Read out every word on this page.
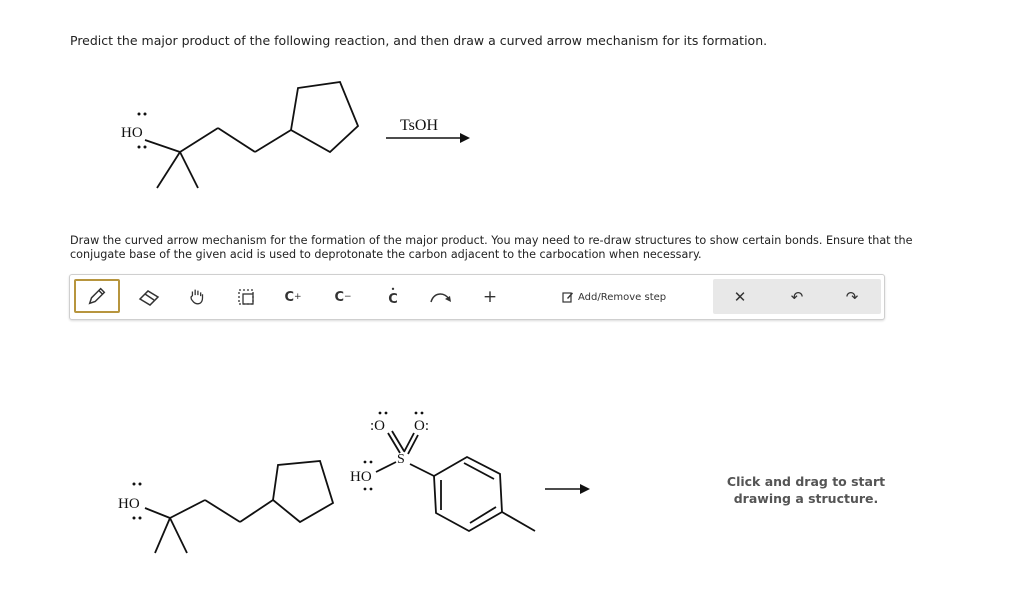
Predict the major product of the following reaction, and then draw a curved arrow mechanism for its formation.
HO	TsOH
HO
HO
S
:O O:
Draw the curved arrow mechanism for the formation of the major product. You may need to re-draw structures to show certain bonds. Ensure that the conjugate base of the given acid is used to deprotonate the carbon adjacent to the carbocation when necessary.
C +	C −
•
C	+	Add/Remove step	✕	↶	↷
Click and drag to start
drawing a structure.
